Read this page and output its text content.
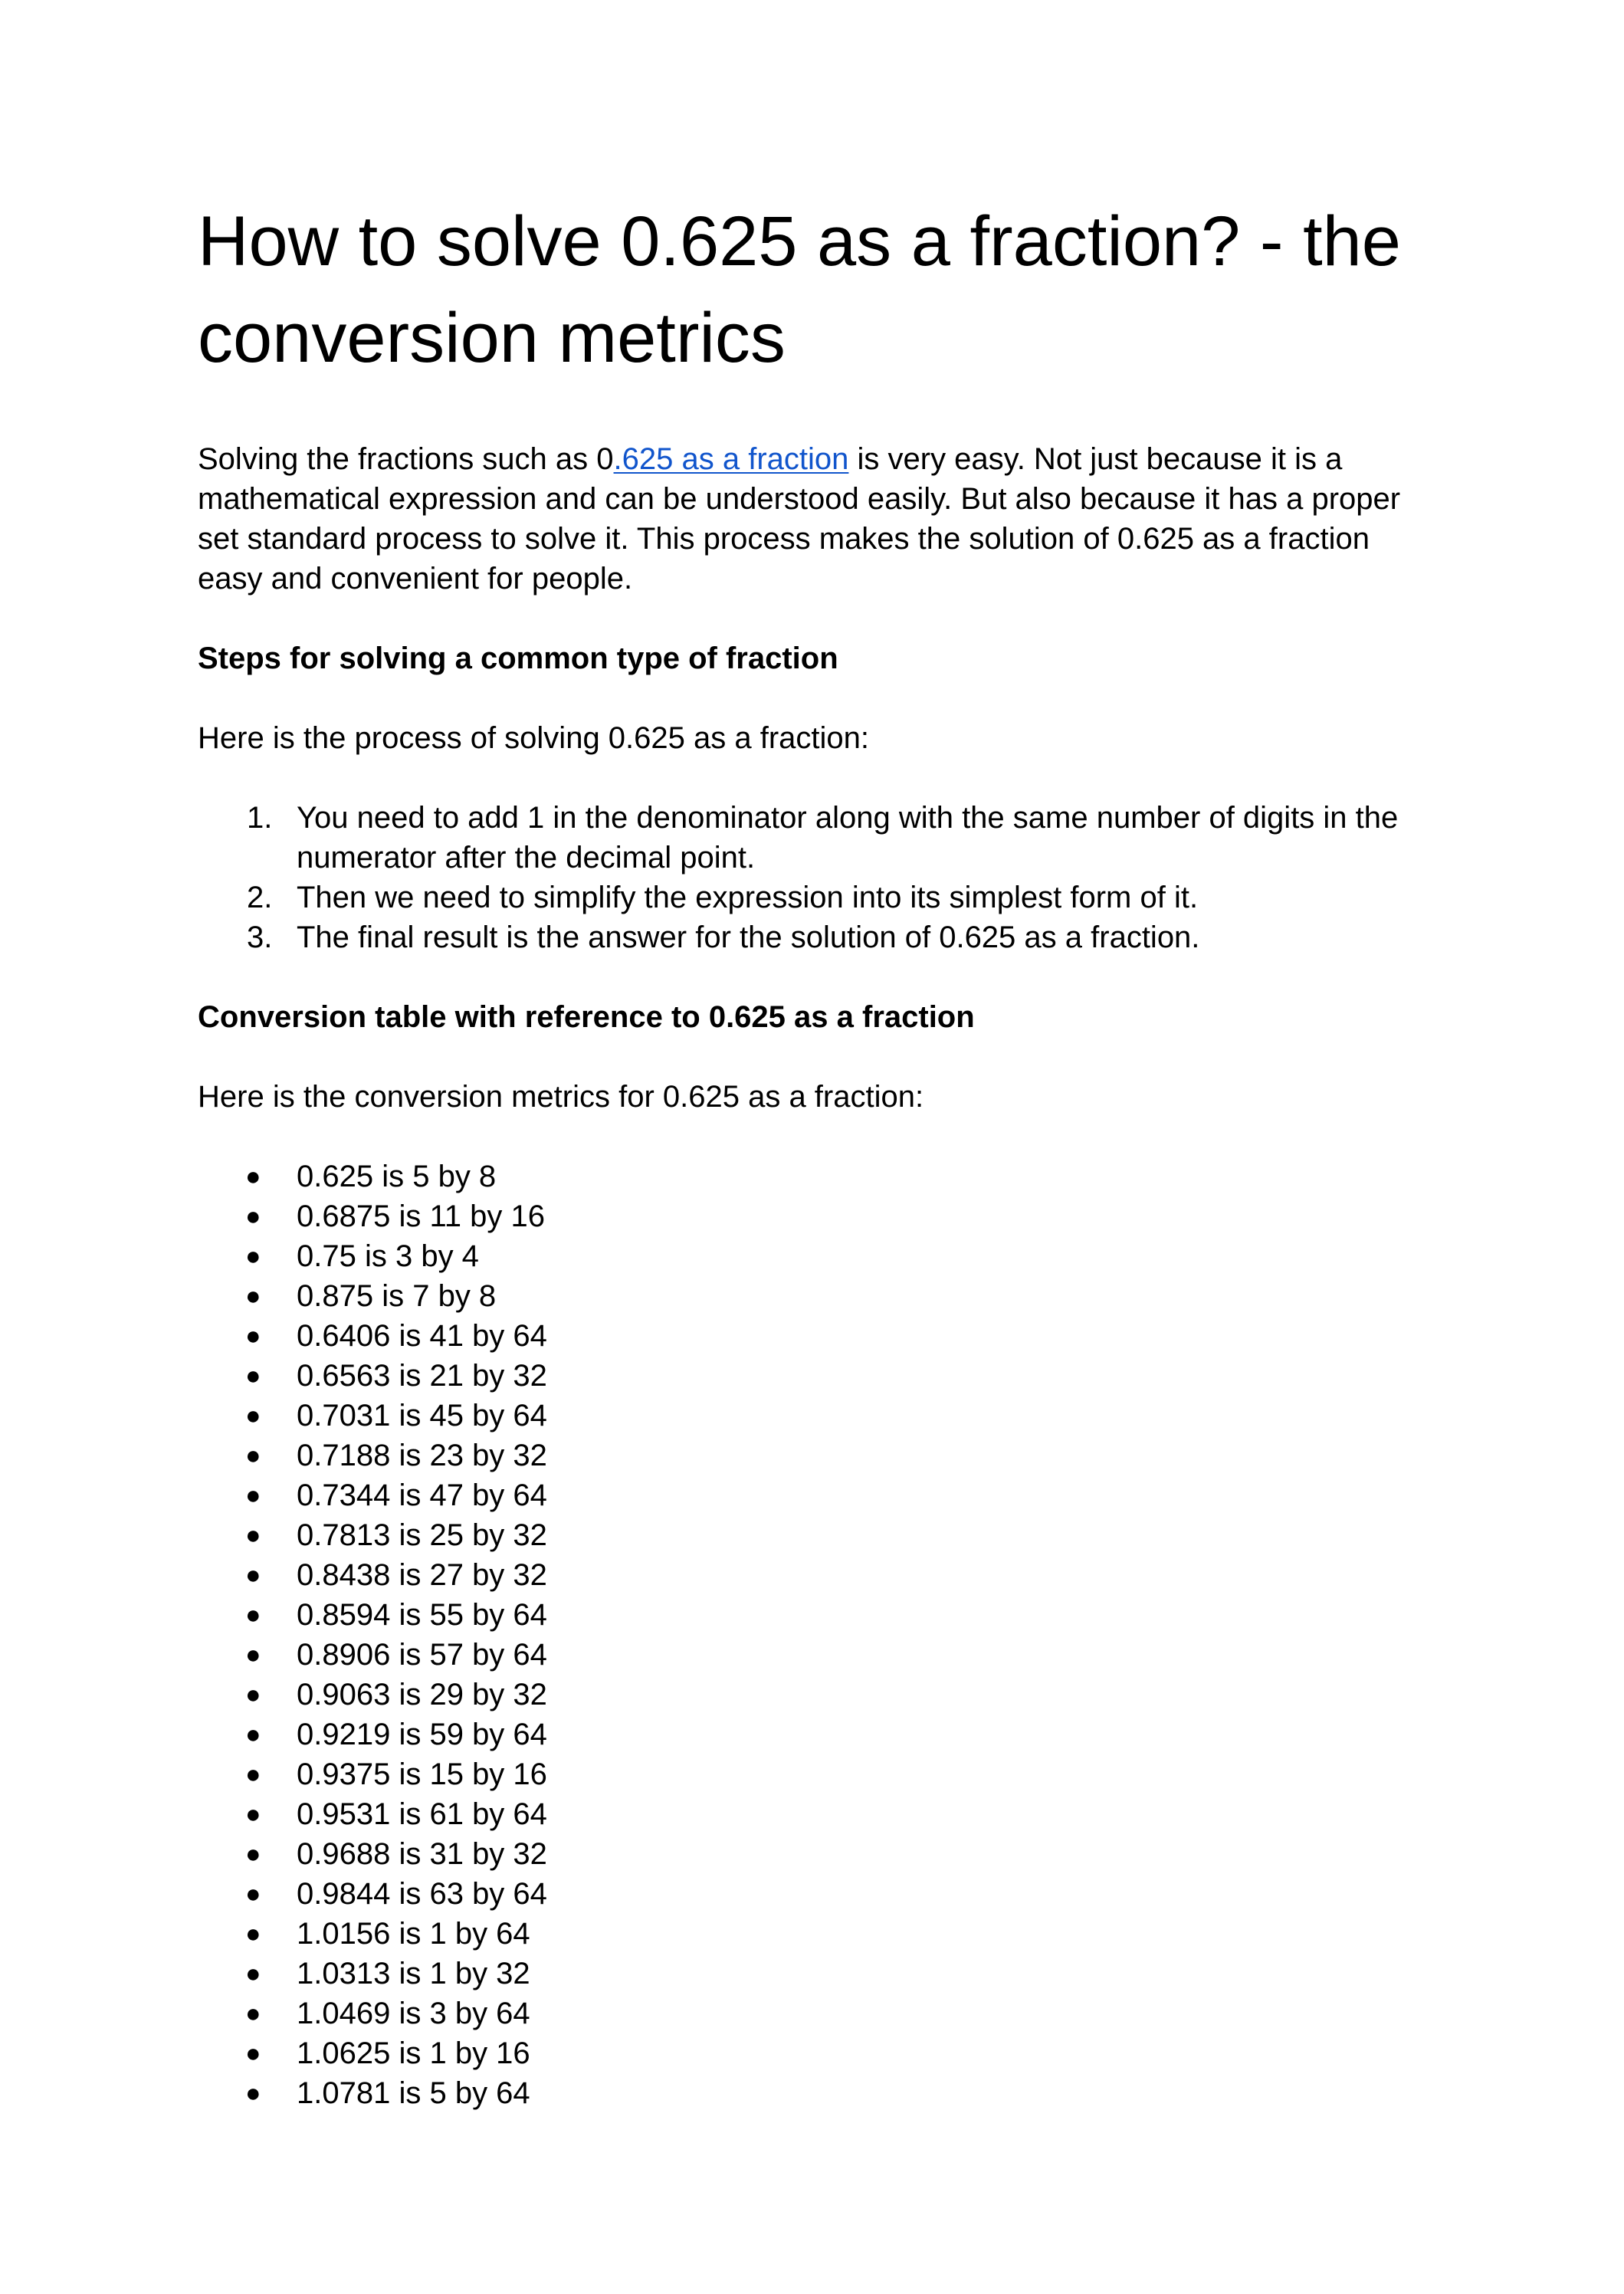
How to solve 0.625 as a fraction? - the conversion metrics

Solving the fractions such as 0.625 as a fraction is very easy. Not just because it is a mathematical expression and can be understood easily. But also because it has a proper set standard process to solve it. This process makes the solution of 0.625 as a fraction easy and convenient for people.

Steps for solving a common type of fraction

Here is the process of solving 0.625 as a fraction:

1. You need to add 1 in the denominator along with the same number of digits in the numerator after the decimal point.
2. Then we need to simplify the expression into its simplest form of it.
3. The final result is the answer for the solution of 0.625 as a fraction.
Conversion table with reference to 0.625 as a fraction

Here is the conversion metrics for 0.625 as a fraction:

● 0.625 is 5 by 8
● 0.6875 is 11 by 16
● 0.75 is 3 by 4
● 0.875 is 7 by 8
● 0.6406 is 41 by 64
● 0.6563 is 21 by 32
● 0.7031 is 45 by 64
● 0.7188 is 23 by 32
● 0.7344 is 47 by 64
● 0.7813 is 25 by 32
● 0.8438 is 27 by 32
● 0.8594 is 55 by 64
● 0.8906 is 57 by 64
● 0.9063 is 29 by 32
● 0.9219 is 59 by 64
● 0.9375 is 15 by 16
● 0.9531 is 61 by 64
● 0.9688 is 31 by 32
● 0.9844 is 63 by 64
● 1.0156 is 1 by 64
● 1.0313 is 1 by 32
● 1.0469 is 3 by 64
● 1.0625 is 1 by 16
● 1.0781 is 5 by 64
